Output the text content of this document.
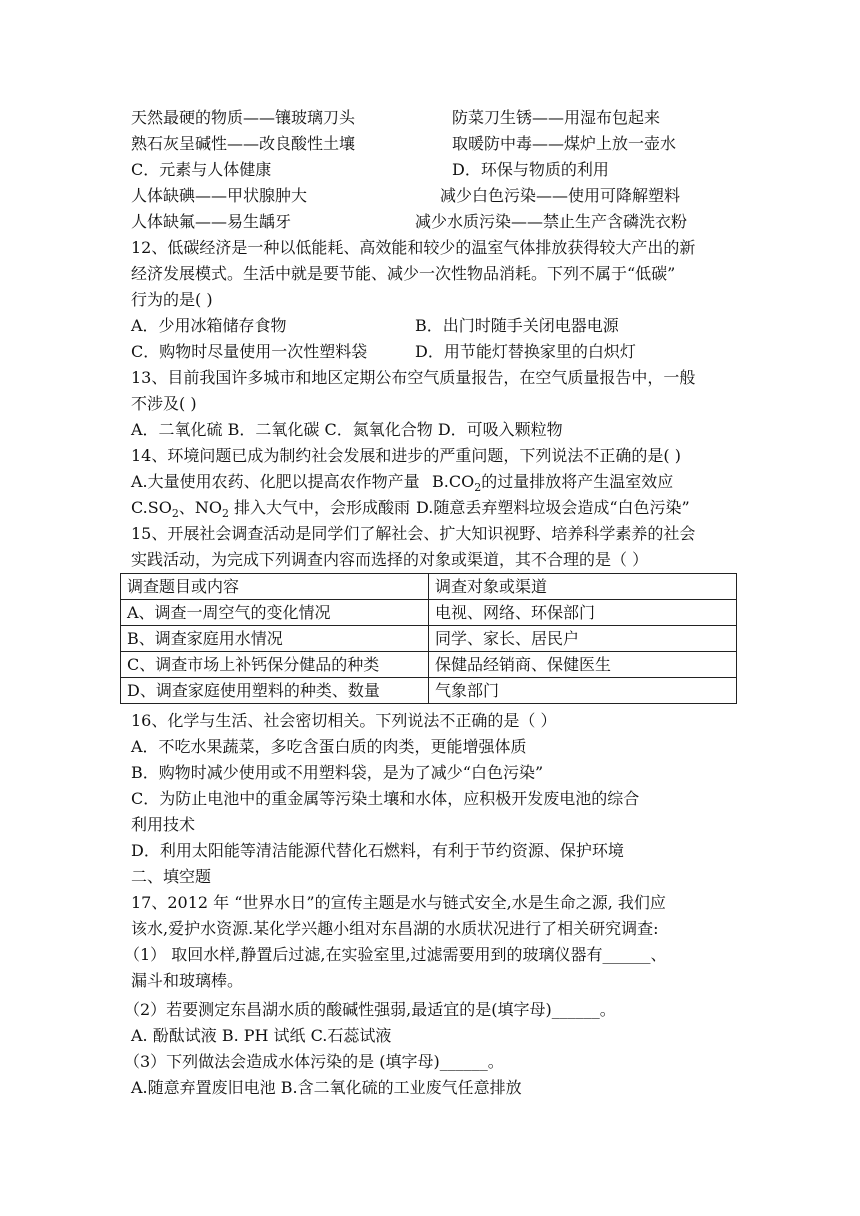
天然最硬的物质——镶玻璃刀头	防菜刀生锈——用湿布包起来
熟石灰呈碱性——改良酸性土壤	取暖防中毒——煤炉上放一壶水
C．元素与人体健康	D．环保与物质的利用
人体缺碘——甲状腺肿大	减少白色污染——使用可降解塑料
人体缺氟——易生龋牙	减少水质污染——禁止生产含磷洗衣粉
12、低碳经济是一种以低能耗、高效能和较少的温室气体排放获得较大产出的新
经济发展模式。生活中就是要节能、减少一次性物品消耗。下列不属于“低碳”
行为的是( )
A．少用冰箱储存食物	B．出门时随手关闭电器电源
C．购物时尽量使用一次性塑料袋	D．用节能灯替换家里的白炽灯
13、目前我国许多城市和地区定期公布空气质量报告，在空气质量报告中，一般
不涉及( )
A．二氧化硫 B．二氧化碳 C．氮氧化合物 D．可吸入颗粒物
14、环境问题已成为制约社会发展和进步的严重问题，下列说法不正确的是( )
A.大量使用农药、化肥以提高农作物产量 $B.CO_2$的过量排放将产生温室效应
$C.SO_2$、$NO_2$ 排入大气中，会形成酸雨 D.随意丢弃塑料垃圾会造成“白色污染”
15、开展社会调查活动是同学们了解社会、扩大知识视野、培养科学素养的社会
实践活动，为完成下列调查内容而选择的对象或渠道，其不合理的是（ ）
调查题目或内容	调查对象或渠道
A、调查一周空气的变化情况	电视、网络、环保部门
B、调查家庭用水情况	同学、家长、居民户
C、调查市场上补钙保分健品的种类	保健品经销商、保健医生
D、调查家庭使用塑料的种类、数量	气象部门
16、化学与生活、社会密切相关。下列说法不正确的是（ ）
A．不吃水果蔬菜，多吃含蛋白质的肉类，更能增强体质
B．购物时减少使用或不用塑料袋，是为了减少“白色污染”
C．为防止电池中的重金属等污染土壤和水体，应积极开发废电池的综合
利用技术
D．利用太阳能等清洁能源代替化石燃料，有利于节约资源、保护环境
二、填空题
17、2012 年 “世界水日”的宣传主题是水与链式安全,水是生命之源, 我们应
该水,爱护水资源.某化学兴趣小组对东昌湖的水质状况进行了相关研究调查:
（1） 取回水样,静置后过滤,在实验室里,过滤需要用到的玻璃仪器有______、
漏斗和玻璃棒。
（2）若要测定东昌湖水质的酸碱性强弱,最适宜的是(填字母)______。
A. 酚酞试液 B. PH 试纸 C.石蕊试液
（3）下列做法会造成水体污染的是 (填字母)______。
A.随意弃置废旧电池 B.含二氧化硫的工业废气任意排放
